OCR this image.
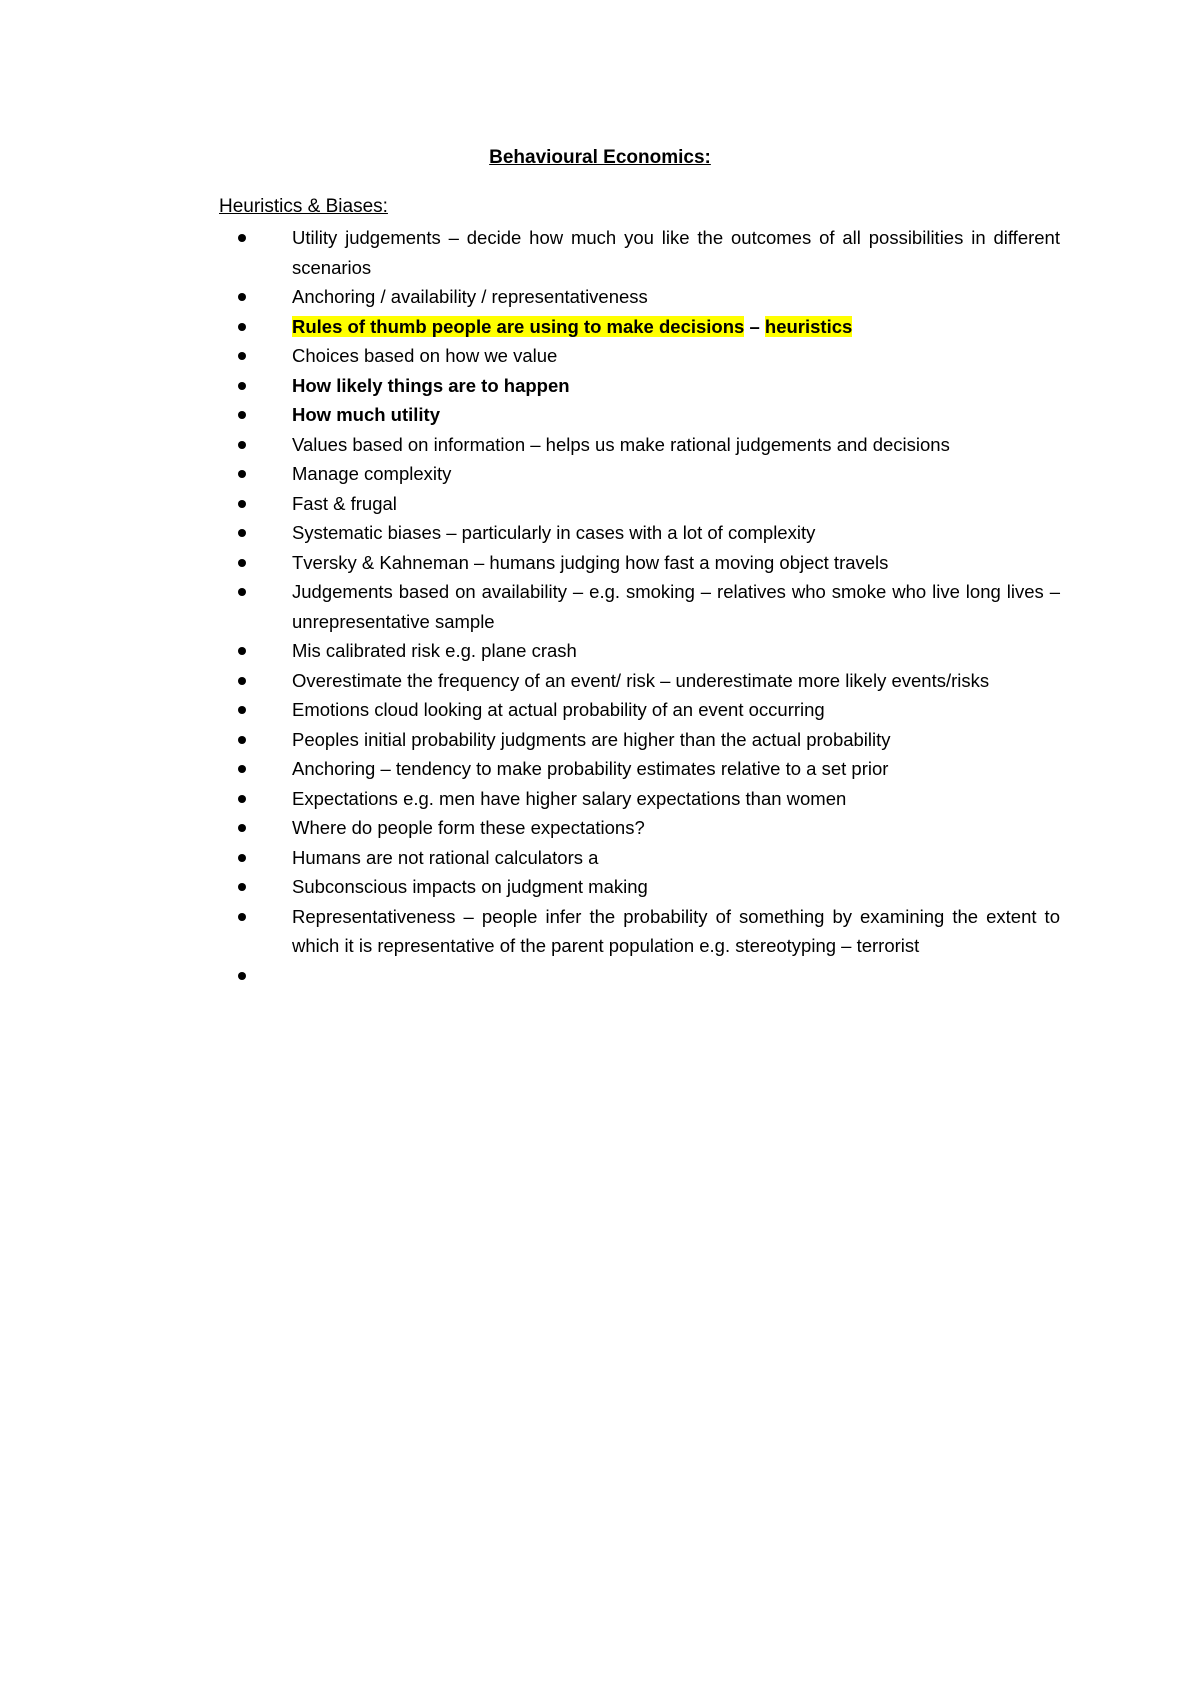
Behavioural Economics:
Heuristics & Biases:
Utility judgements – decide how much you like the outcomes of all possibilities in different scenarios
Anchoring / availability / representativeness
Rules of thumb people are using to make decisions – heuristics
Choices based on how we value
How likely things are to happen
How much utility
Values based on information – helps us make rational judgements and decisions
Manage complexity
Fast & frugal
Systematic biases – particularly in cases with a lot of complexity
Tversky & Kahneman – humans judging how fast a moving object travels
Judgements based on availability – e.g. smoking – relatives who smoke who live long lives – unrepresentative sample
Mis calibrated risk e.g. plane crash
Overestimate the frequency of an event/ risk – underestimate more likely events/risks
Emotions cloud looking at actual probability of an event occurring
Peoples initial probability judgments are higher than the actual probability
Anchoring – tendency to make probability estimates relative to a set prior
Expectations e.g. men have higher salary expectations than women
Where do people form these expectations?
Humans are not rational calculators a
Subconscious impacts on judgment making
Representativeness – people infer the probability of something by examining the extent to which it is representative of the parent population e.g. stereotyping – terrorist
